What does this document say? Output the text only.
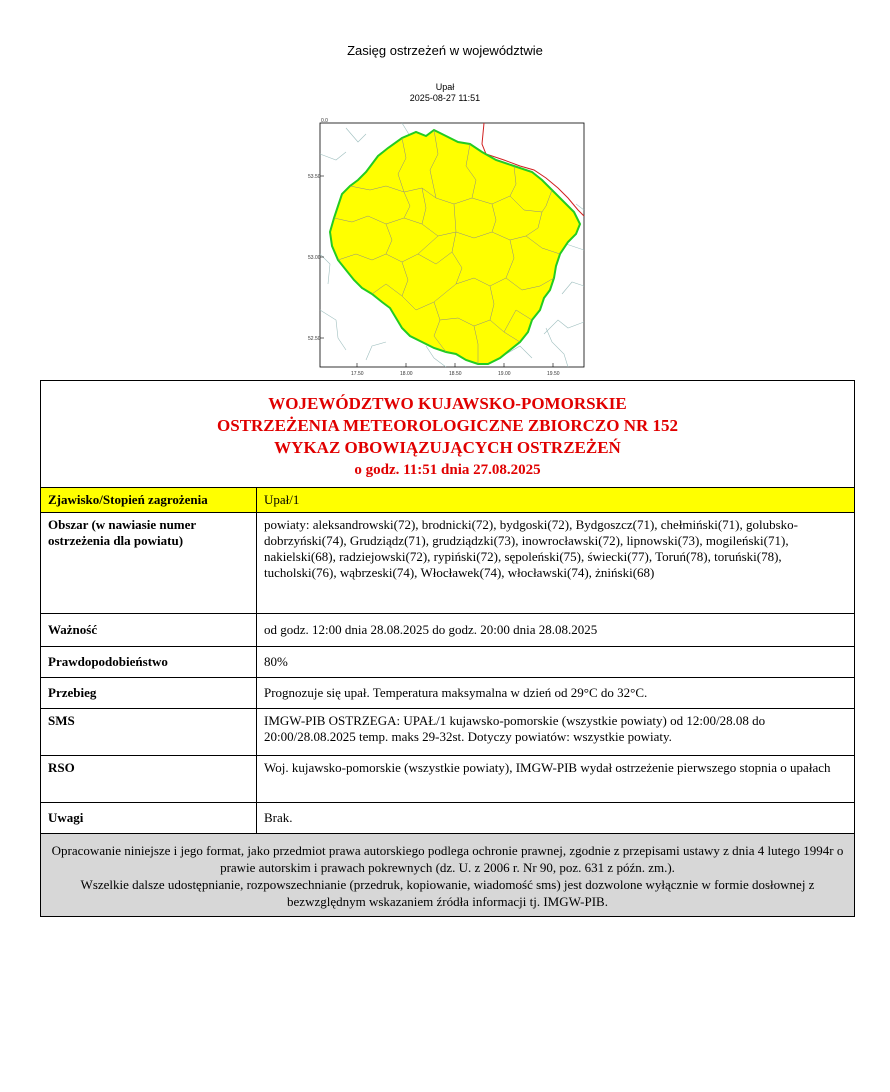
Zasięg ostrzeżeń w województwie
Upał
2025-08-27 11:51
0.0
53.50
53.00
52.50
17.50	18.00	18.50	19.00	19.50
WOJEWÓDZTWO KUJAWSKO-POMORSKIE
OSTRZEŻENIA METEOROLOGICZNE ZBIORCZO NR 152
WYKAZ OBOWIĄZUJĄCYCH OSTRZEŻEŃ
o godz. 11:51 dnia 27.08.2025	

Zjawisko/Stopień zagrożenia	Upał/1
Obszar (w nawiasie numer ostrzeżenia dla powiatu)	powiaty: aleksandrowski(72), brodnicki(72), bydgoski(72), Bydgoszcz(71), chełmiński(71), golubsko-dobrzyński(74), Grudziądz(71), grudziądzki(73), inowrocławski(72), lipnowski(73), mogileński(71), nakielski(68), radziejowski(72), rypiński(72), sępoleński(75), świecki(77), Toruń(78), toruński(78), tucholski(76), wąbrzeski(74), Włocławek(74), włocławski(74), żniński(68)
Ważność	od godz. 12:00 dnia 28.08.2025 do godz. 20:00 dnia 28.08.2025
Prawdopodobieństwo	80%
Przebieg	Prognozuje się upał. Temperatura maksymalna w dzień od 29°C do 32°C.
SMS	IMGW-PIB OSTRZEGA: UPAŁ/1 kujawsko-pomorskie (wszystkie powiaty) od 12:00/28.08 do 20:00/28.08.2025 temp. maks 29-32st. Dotyczy powiatów: wszystkie powiaty.
RSO	Woj. kujawsko-pomorskie (wszystkie powiaty), IMGW-PIB wydał ostrzeżenie pierwszego stopnia o upałach
Uwagi	Brak.

Opracowanie niniejsze i jego format, jako przedmiot prawa autorskiego podlega ochronie prawnej, zgodnie z przepisami ustawy z dnia 4 lutego 1994r o prawie autorskim i prawach pokrewnych (dz. U. z 2006 r. Nr 90, poz. 631 z późn. zm.).
Wszelkie dalsze udostępnianie, rozpowszechnianie (przedruk, kopiowanie, wiadomość sms) jest dozwolone wyłącznie w formie dosłownej z bezwzględnym wskazaniem źródła informacji tj. IMGW-PIB.	
